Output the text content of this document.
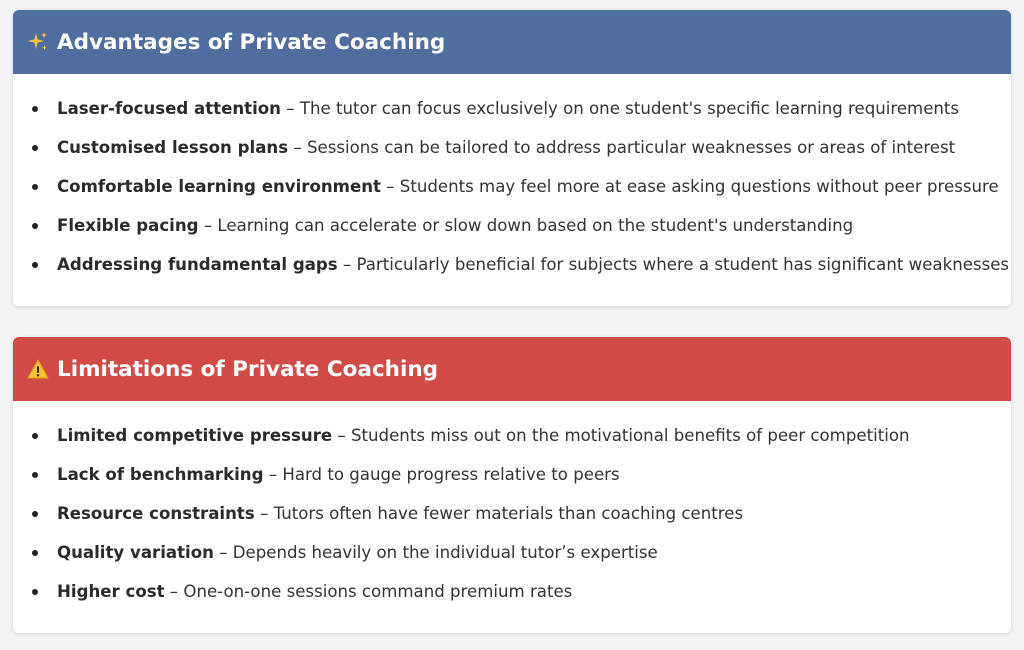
Advantages of Private Coaching
Laser-focused attention – The tutor can focus exclusively on one student's specific learning requirements
Customised lesson plans – Sessions can be tailored to address particular weaknesses or areas of interest
Comfortable learning environment – Students may feel more at ease asking questions without peer pressure
Flexible pacing – Learning can accelerate or slow down based on the student's understanding
Addressing fundamental gaps – Particularly beneficial for subjects where a student has significant weaknesses
Limitations of Private Coaching
Limited competitive pressure – Students miss out on the motivational benefits of peer competition
Lack of benchmarking – Hard to gauge progress relative to peers
Resource constraints – Tutors often have fewer materials than coaching centres
Quality variation – Depends heavily on the individual tutor’s expertise
Higher cost – One-on-one sessions command premium rates
